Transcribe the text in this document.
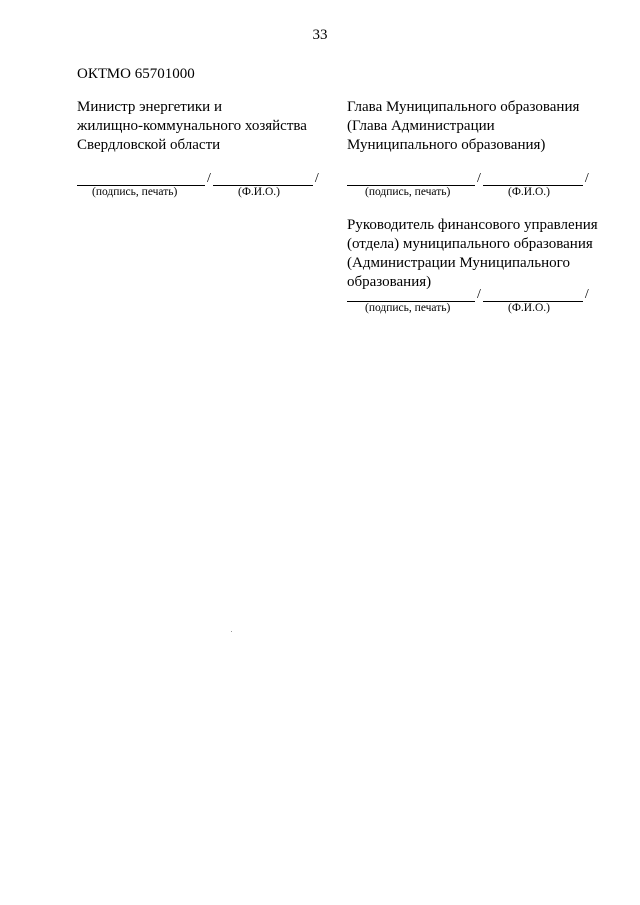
33
ОКТМО 65701000
Министр энергетики и
жилищно-коммунального хозяйства
Свердловской области
/	/
(подпись, печать)	(Ф.И.О.)
Глава Муниципального образования
(Глава Администрации
Муниципального образования)
/	/
(подпись, печать)	(Ф.И.О.)
Руководитель финансового управления
(отдела) муниципального образования
(Администрации Муниципального
образования)
/	/
(подпись, печать)	(Ф.И.О.)
